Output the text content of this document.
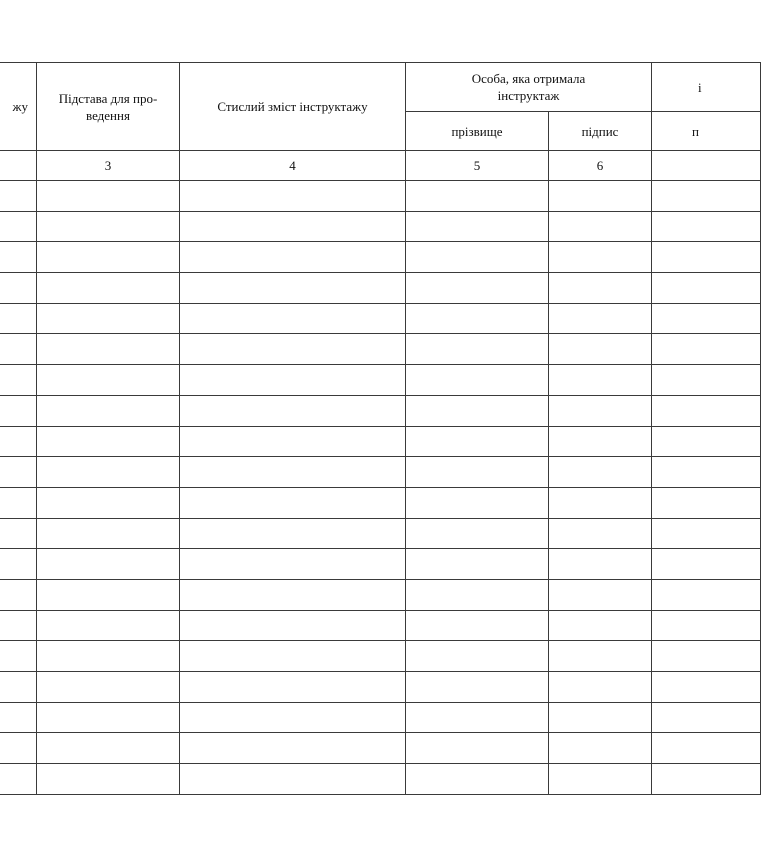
жу	Підстава для про-ведення	Стислий зміст інструктажу	Особа, яка отримала інструктаж		і

			прізвище	підпис	п

	3	4	5	6	
